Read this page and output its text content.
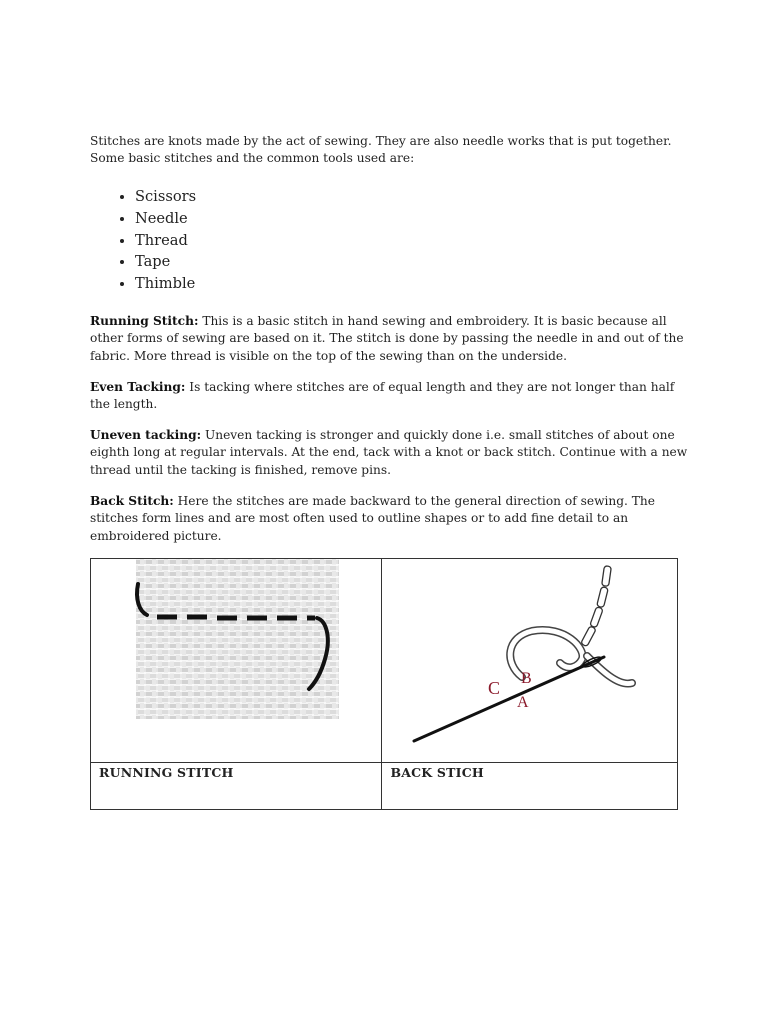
Stitches are knots made by the act of sewing. They are also needle works that is put together. Some basic stitches and the common tools used are:

• Scissors
• Needle
• Thread
• Tape
• Thimble

Running Stitch: This is a basic stitch in hand sewing and embroidery. It is basic because all other forms of sewing are based on it. The stitch is done by passing the needle in and out of the fabric. More thread is visible on the top of the sewing than on the underside.

Even Tacking: Is tacking where stitches are of equal length and they are not longer than half the length.

Uneven tacking: Uneven tacking is stronger and quickly done i.e. small stitches of about one eighth long at regular intervals. At the end, tack with a knot or back stitch. Continue with a new thread until the tacking is finished, remove pins.

Back Stitch: Here the stitches are made backward to the general direction of sewing. The stitches form lines and are most often used to outline shapes or to add fine detail to an embroidered picture.

C B
A

RUNNING STITCH	BACK STICH
